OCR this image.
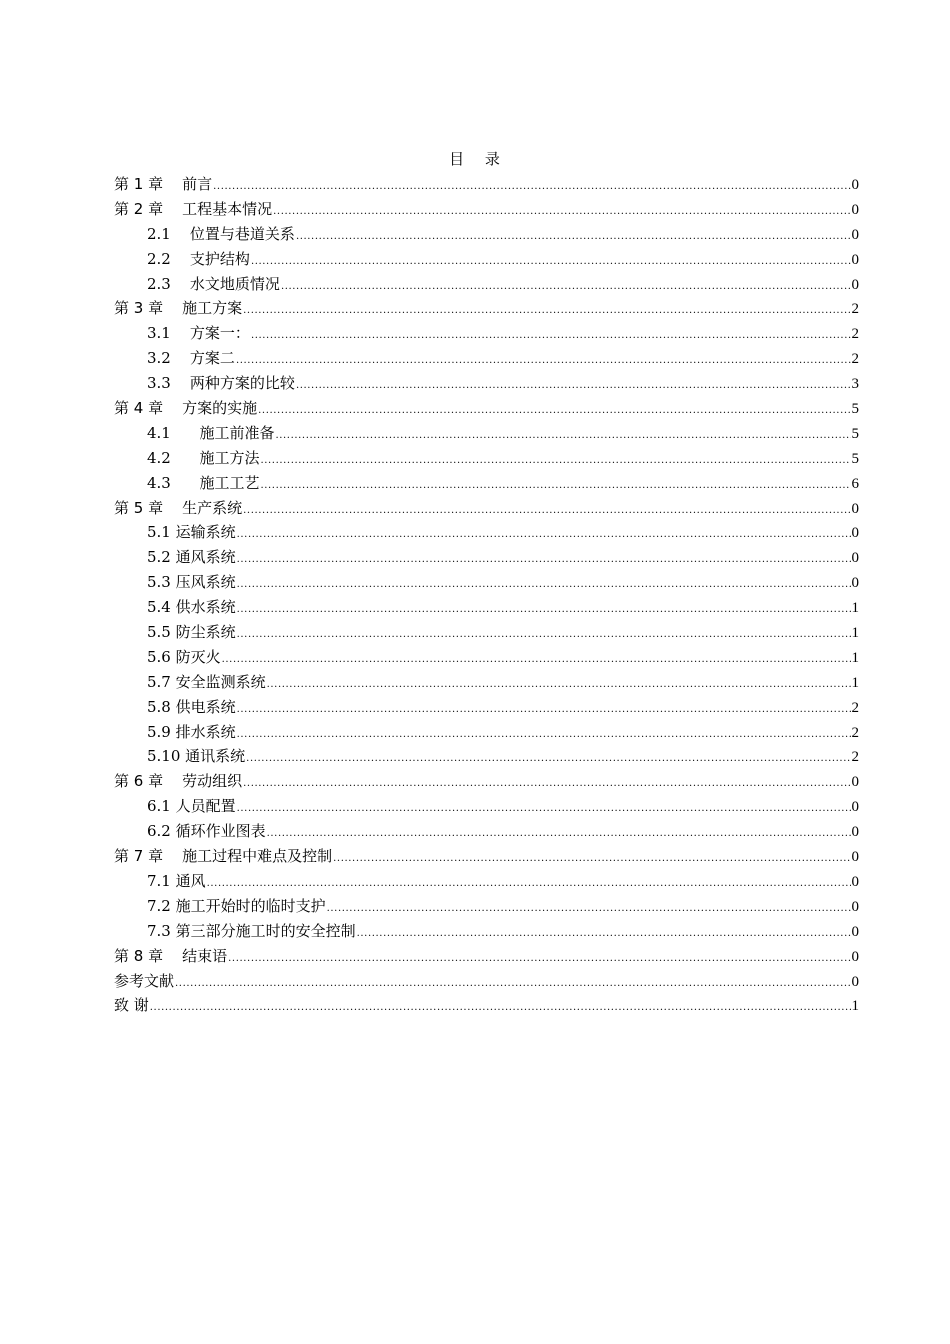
目 录
第 1 章    前言 .....	0
第 2 章    工程基本情况 .....	0
2.1    位置与巷道关系 .....	0
2.2    支护结构 .....	0
2.3    水文地质情况 .....	0
第 3 章    施工方案 .....	2
3.1    方案一： .....	2
3.2    方案二 .....	2
3.3    两种方案的比较 .....	3
第 4 章    方案的实施 .....	5
4.1      施工前准备 .....	5
4.2      施工方法 .....	5
4.3      施工工艺 .....	6
第 5 章    生产系统 .....	0
5.1 运输系统 .....	0
5.2 通风系统 .....	0
5.3 压风系统 .....	0
5.4 供水系统 .....	1
5.5 防尘系统 .....	1
5.6 防灭火 .....	1
5.7 安全监测系统 .....	1
5.8 供电系统 .....	2
5.9 排水系统 .....	2
5.10 通讯系统 .....	2
第 6 章    劳动组织 .....	0
6.1 人员配置 .....	0
6.2 循环作业图表 .....	0
第 7 章    施工过程中难点及控制 .....	0
7.1 通风 .....	0
7.2 施工开始时的临时支护 .....	0
7.3 第三部分施工时的安全控制 .....	0
第 8 章    结束语 .....	0
参考文献 .....	0
致 谢 .....	1
